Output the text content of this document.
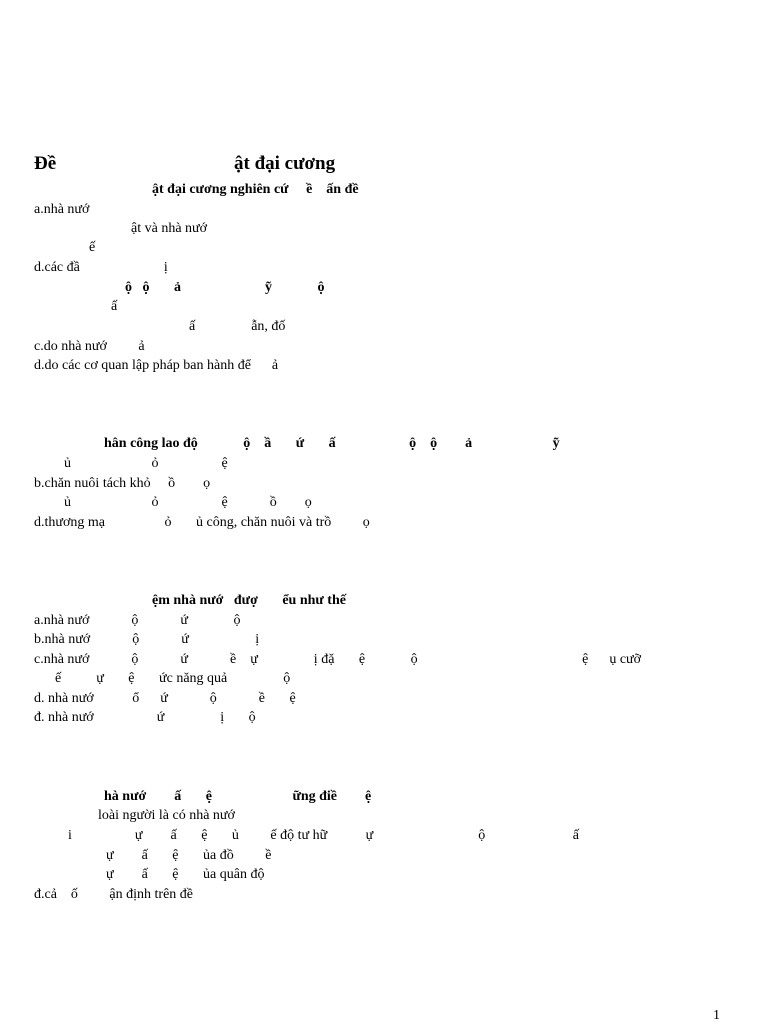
Đề	ật đại cương
ật đại cương nghiên cứ     ề    ấn đề
a.nhà nướ
ật và nhà nướ
ế
d.các đầ                        ị
ộ   ộ       ả                        ỹ             ộ
ấ
ấ                ẫn, đố
c.do nhà nướ         ả
d.do các cơ quan lập pháp ban hành để      ả
hân công lao độ             ộ    ầ       ứ       ấ                     ộ    ộ        ả                       ỹ
ủ                       ỏ                  ệ
b.chăn nuôi tách khỏ     ồ        ọ
ủ                       ỏ                  ệ            ồ        ọ
d.thương mạ                 ỏ       ủ công, chăn nuôi và trồ         ọ
ệm nhà nướ   đượ       ểu như thế
a.nhà nướ            ộ            ứ             ộ
b.nhà nướ            ộ            ứ                   ị
c.nhà nướ            ộ            ứ            ề    ự                ị đặ       ệ             ộ                                               ệ      ụ cưỡ
ế          ự       ệ       ức năng quả                ộ
d. nhà nướ           ổ      ứ            ộ            ề       ệ
đ. nhà nướ                  ứ                ị       ộ
hà nướ        ấ       ệ                       ững điề        ệ
loài người là có nhà nướ
i                  ự        ấ       ệ       ủ         ế độ tư hữ           ự                              ộ                         ấ
ự        ấ       ệ       ủa đồ         ề
ự        ấ       ệ       ủa quân độ
đ.cả    ố         ận định trên đề
1
